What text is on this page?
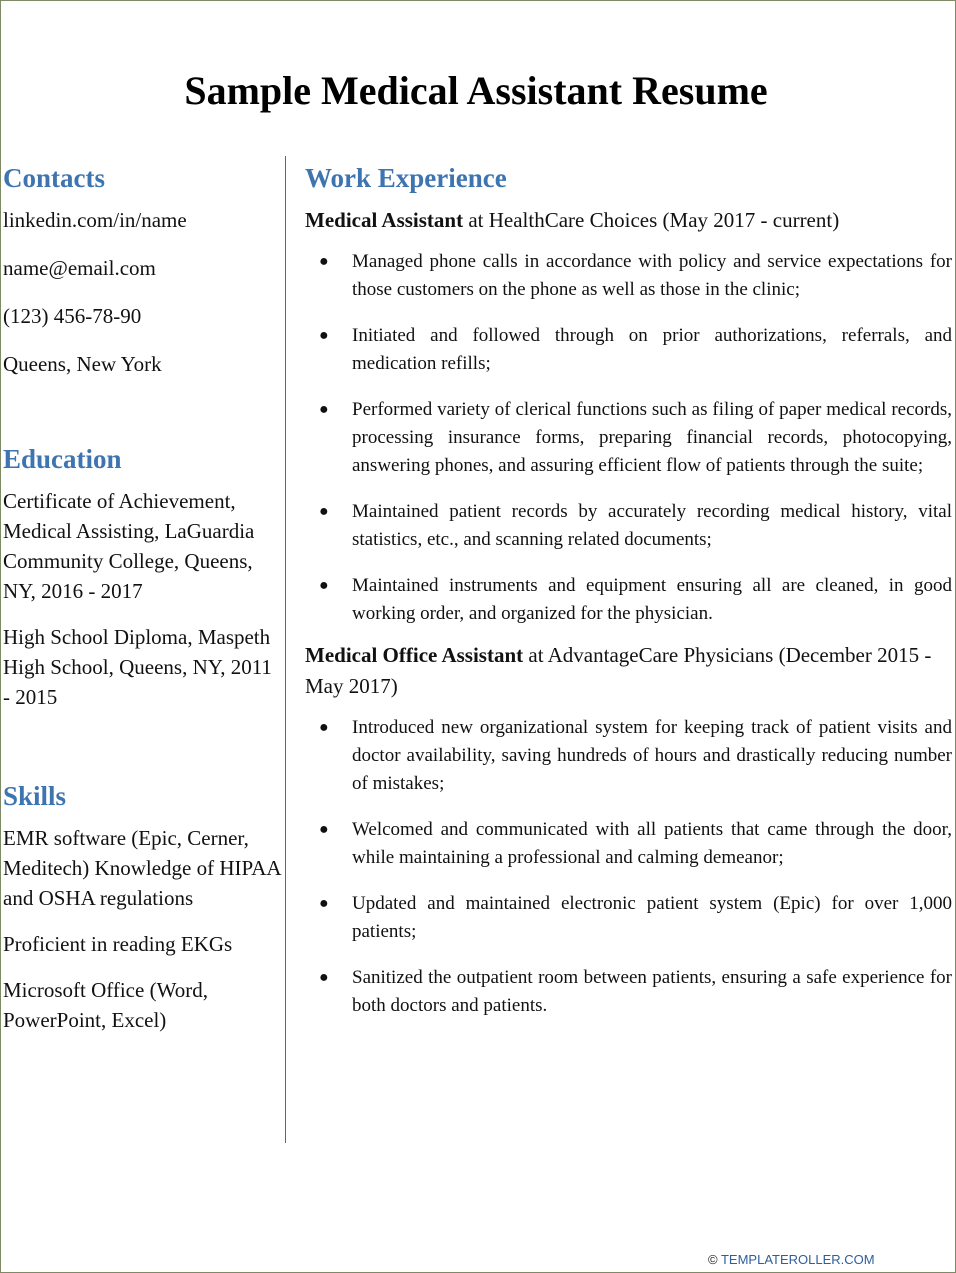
Sample Medical Assistant Resume
Contacts

linkedin.com/in/name

name@email.com

(123) 456-78-90

Queens, New York

Education

Certificate of Achievement, Medical Assisting, LaGuardia Community College, Queens, NY, 2016 - 2017

High School Diploma, Maspeth High School, Queens, NY, 2011 - 2015

Skills

EMR software (Epic, Cerner, Meditech) Knowledge of HIPAA and OSHA regulations

Proficient in reading EKGs

Microsoft Office (Word, PowerPoint, Excel)

Work Experience

Medical Assistant at HealthCare Choices (May 2017 - current)

● Managed phone calls in accordance with policy and service expectations for those customers on the phone as well as those in the clinic;
● Initiated and followed through on prior authorizations, referrals, and medication refills;
● Performed variety of clerical functions such as filing of paper medical records, processing insurance forms, preparing financial records, photocopying, answering phones, and assuring efficient flow of patients through the suite;
● Maintained patient records by accurately recording medical history, vital statistics, etc., and scanning related documents;
● Maintained instruments and equipment ensuring all are cleaned, in good working order, and organized for the physician.

Medical Office Assistant at AdvantageCare Physicians (December 2015 - May 2017)

● Introduced new organizational system for keeping track of patient visits and doctor availability, saving hundreds of hours and drastically reducing number of mistakes;
● Welcomed and communicated with all patients that came through the door, while maintaining a professional and calming demeanor;
● Updated and maintained electronic patient system (Epic) for over 1,000 patients;
● Sanitized the outpatient room between patients, ensuring a safe experience for both doctors and patients.
© TEMPLATEROLLER.COM
